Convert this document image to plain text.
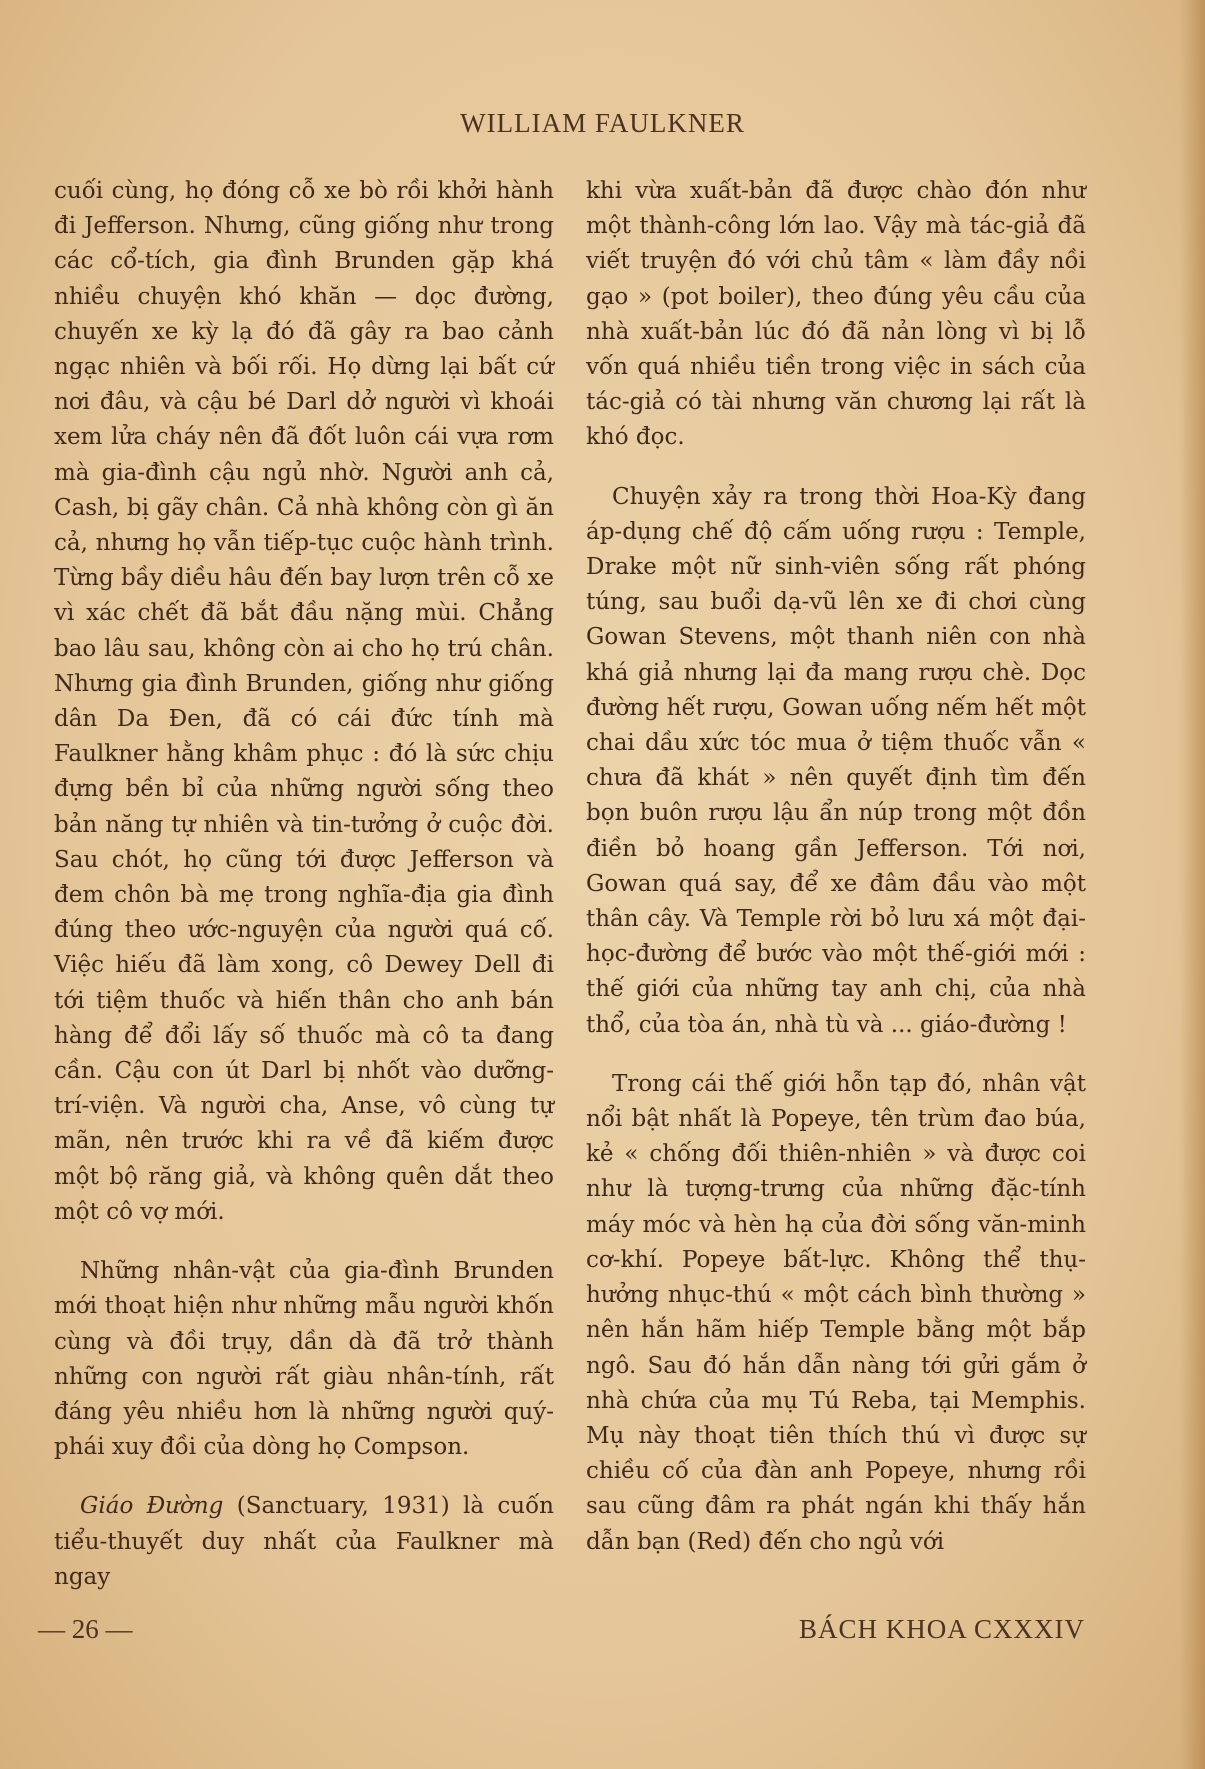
WILLIAM FAULKNER

cuối cùng, họ đóng cỗ xe bò rồi khởi hành đi Jefferson. Nhưng, cũng giống như trong các cổ-tích, gia đình Brunden gặp khá nhiều chuyện khó khăn — dọc đường, chuyến xe kỳ lạ đó đã gây ra bao cảnh ngạc nhiên và bối rối. Họ dừng lại bất cứ nơi đâu, và cậu bé Darl dở người vì khoái xem lửa cháy nên đã đốt luôn cái vựa rơm mà gia-đình cậu ngủ nhờ. Người anh cả, Cash, bị gãy chân. Cả nhà không còn gì ăn cả, nhưng họ vẫn tiếp-tục cuộc hành trình. Từng bầy diều hâu đến bay lượn trên cỗ xe vì xác chết đã bắt đầu nặng mùi. Chẳng bao lâu sau, không còn ai cho họ trú chân. Nhưng gia đình Brunden, giống như giống dân Da Đen, đã có cái đức tính mà Faulkner hằng khâm phục : đó là sức chịu đựng bền bỉ của những người sống theo bản năng tự nhiên và tin-tưởng ở cuộc đời. Sau chót, họ cũng tới được Jefferson và đem chôn bà mẹ trong nghĩa-địa gia đình đúng theo ước-nguyện của người quá cố. Việc hiếu đã làm xong, cô Dewey Dell đi tới tiệm thuốc và hiến thân cho anh bán hàng để đổi lấy số thuốc mà cô ta đang cần. Cậu con út Darl bị nhốt vào dưỡng-trí-viện. Và người cha, Anse, vô cùng tự mãn, nên trước khi ra về đã kiếm được một bộ răng giả, và không quên dắt theo một cô vợ mới.

Những nhân-vật của gia-đình Brunden mới thoạt hiện như những mẫu người khốn cùng và đồi trụy, dần dà đã trở thành những con người rất giàu nhân-tính, rất đáng yêu nhiều hơn là những người quý-phái xuy đồi của dòng họ Compson.

Giáo Đường (Sanctuary, 1931) là cuốn tiểu-thuyết duy nhất của Faulkner mà ngay

khi vừa xuất-bản đã được chào đón như một thành-công lớn lao. Vậy mà tác-giả đã viết truyện đó với chủ tâm « làm đầy nồi gạo » (pot boiler), theo đúng yêu cầu của nhà xuất-bản lúc đó đã nản lòng vì bị lỗ vốn quá nhiều tiền trong việc in sách của tác-giả có tài nhưng văn chương lại rất là khó đọc.

Chuyện xảy ra trong thời Hoa-Kỳ đang áp-dụng chế độ cấm uống rượu : Temple, Drake một nữ sinh-viên sống rất phóng túng, sau buổi dạ-vũ lên xe đi chơi cùng Gowan Stevens, một thanh niên con nhà khá giả nhưng lại đa mang rượu chè. Dọc đường hết rượu, Gowan uống nếm hết một chai dầu xức tóc mua ở tiệm thuốc vẫn « chưa đã khát » nên quyết định tìm đến bọn buôn rượu lậu ẩn núp trong một đồn điền bỏ hoang gần Jefferson. Tới nơi, Gowan quá say, để xe đâm đầu vào một thân cây. Và Temple rời bỏ lưu xá một đại-học-đường để bước vào một thế-giới mới : thế giới của những tay anh chị, của nhà thổ, của tòa án, nhà tù và ... giáo-đường !

Trong cái thế giới hỗn tạp đó, nhân vật nổi bật nhất là Popeye, tên trùm đao búa, kẻ « chống đối thiên-nhiên » và được coi như là tượng-trưng của những đặc-tính máy móc và hèn hạ của đời sống văn-minh cơ-khí. Popeye bất-lực. Không thể thụ-hưởng nhục-thú « một cách bình thường » nên hắn hãm hiếp Temple bằng một bắp ngô. Sau đó hắn dẫn nàng tới gửi gắm ở nhà chứa của mụ Tú Reba, tại Memphis. Mụ này thoạt tiên thích thú vì được sự chiều cố của đàn anh Popeye, nhưng rồi sau cũng đâm ra phát ngán khi thấy hắn dẫn bạn (Red) đến cho ngủ với

— 26 —	BÁCH KHOA CXXXIV
